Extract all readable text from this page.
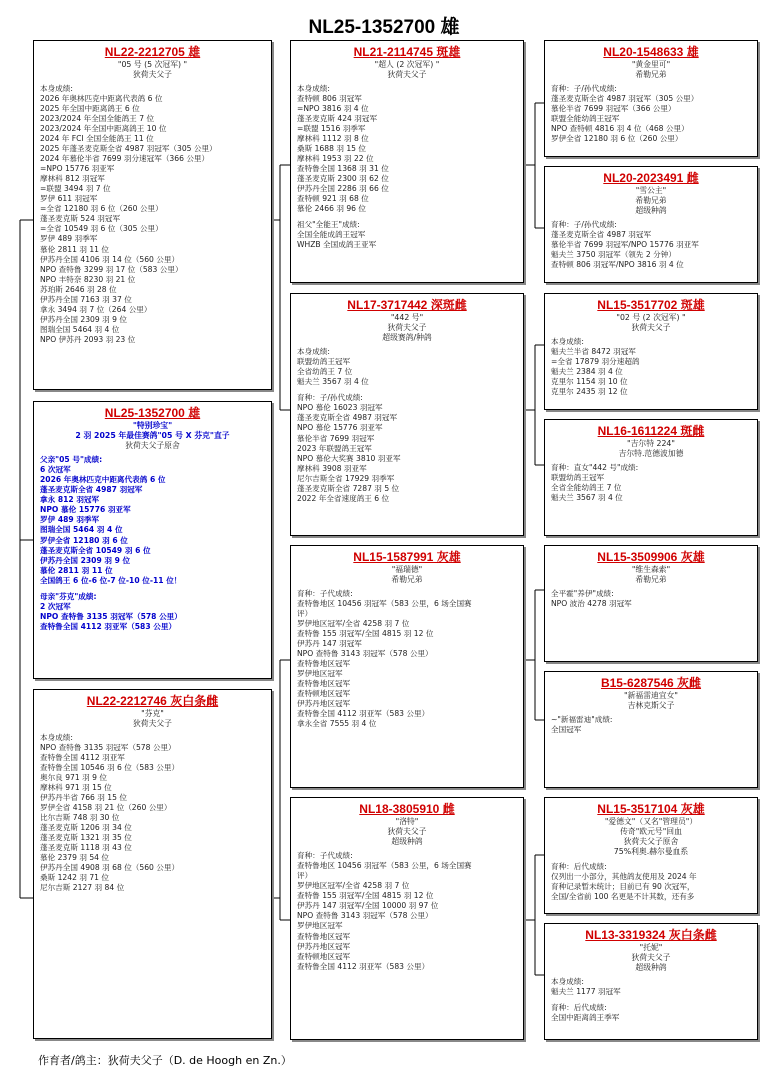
NL25-1352700 雄
NL22-2212705 雄
"05 号 (5 次冠军) "
狄荷夫父子
本身成绩:
2026 年奥林匹克中距离代表鸽 6 位
2025 年全国中距离鸽王 6 位
2023/2024 年全国全能鸽王 7 位
2023/2024 年全国中距离鸽王 10 位
2024 年 FCI 全国全能鸽王 11 位
2025 年蓬圣麦克斯全省 4987 羽冠军（305 公里）
2024 年慕伦半省 7699 羽分速冠军（366 公里）
=NPO 15776 羽亚军
摩林科 812 羽冠军
=联盟 3494 羽 7 位
罗伊 611 羽冠军
=全省 12180 羽 6 位（260 公里）
蓬圣麦克斯 524 羽冠军
=全省 10549 羽 6 位（305 公里）
罗伊 489 羽季军
慕伦 2811 羽 11 位
伊苏丹全国 4106 羽 14 位（560 公里）
NPO 查特鲁 3299 羽 17 位（583 公里）
NPO 丰特奈 8230 羽 21 位
苏珀斯 2646 羽 28 位
伊苏丹全国 7163 羽 37 位
拿永 3494 羽 7 位（264 公里）
伊苏丹全国 2309 羽 9 位
图瑞全国 5464 羽 4 位
NPO 伊苏丹 2093 羽 23 位
NL25-1352700 雄
"特别珍宝"
2 羽 2025 年最佳赛鸽"05 号 X 芬克"直子
狄荷夫父子原舍
父亲"05 号"成绩:
6 次冠军
2026 年奥林匹克中距离代表鸽 6 位
蓬圣麦克斯全省 4987 羽冠军
拿永 812 羽冠军
NPO 慕伦 15776 羽亚军
罗伊 489 羽季军
图瑞全国 5464 羽 4 位
罗伊全省 12180 羽 6 位
蓬圣麦克斯全省 10549 羽 6 位
伊苏丹全国 2309 羽 9 位
慕伦 2811 羽 11 位
全国鸽王 6 位-6 位-7 位-10 位-11 位！
母亲"芬克"成绩:
2 次冠军
NPO 查特鲁 3135 羽冠军（578 公里）
查特鲁全国 4112 羽亚军（583 公里）
NL22-2212746 灰白条雌
"芬克"
狄荷夫父子
本身成绩:
NPO 查特鲁 3135 羽冠军（578 公里）
查特鲁全国 4112 羽亚军
查特鲁全国 10546 羽 6 位（583 公里）
奥尔良 971 羽 9 位
摩林科 971 羽 15 位
伊苏丹半省 766 羽 15 位
罗伊全省 4158 羽 21 位（260 公里）
比尔吉斯 748 羽 30 位
蓬圣麦克斯 1206 羽 34 位
蓬圣麦克斯 1321 羽 35 位
蓬圣麦克斯 1118 羽 43 位
慕伦 2379 羽 54 位
伊苏丹全国 4908 羽 68 位（560 公里）
桑斯 1242 羽 71 位
尼尔吉斯 2127 羽 84 位
NL21-2114745 斑雄
"超人 (2 次冠军) "
狄荷夫父子
本身成绩:
查特顿 806 羽冠军
=NPO 3816 羽 4 位
蓬圣麦克斯 424 羽冠军
=联盟 1516 羽季军
摩林科 1112 羽 8 位
桑斯 1688 羽 15 位
摩林科 1953 羽 22 位
查特鲁全国 1368 羽 31 位
蓬圣麦克斯 2300 羽 62 位
伊苏丹全国 2286 羽 66 位
查特顿 921 羽 68 位
慕伦 2466 羽 96 位
祖父"全能王"成绩:
全国全能成鸽王冠军
WHZB 全国成鸽王亚军
NL17-3717442 深斑雌
"442 号"
狄荷夫父子
超级赛鸽/种鸽
本身成绩:
联盟幼鸽王冠军
全省幼鸽王 7 位
魁夫兰 3567 羽 4 位
育种：子/孙代成绩:
NPO 慕伦 16023 羽冠军
蓬圣麦克斯全省 4987 羽冠军
NPO 慕伦 15776 羽亚军
慕伦半省 7699 羽冠军
2023 年联盟鸽王冠军
NPO 慕伦大奖赛 3810 羽亚军
摩林科 3908 羽亚军
尼尔吉斯全省 17929 羽季军
蓬圣麦克斯全省 7287 羽 5 位
2022 年全省速度鸽王 6 位
NL15-1587991 灰雄
"福瑞德"
希勒兄弟
育种：子代成绩:
查特鲁地区 10456 羽冠军（583 公里，6 场全国赛
评）
罗伊地区冠军/全省 4258 羽 7 位
查特鲁 155 羽冠军/全国 4815 羽 12 位
伊苏丹 147 羽冠军
NPO 查特鲁 3143 羽冠军（578 公里）
查特鲁地区冠军
罗伊地区冠军
查特鲁地区冠军
查特顿地区冠军
伊苏丹地区冠军
查特鲁全国 4112 羽亚军（583 公里）
拿永全省 7555 羽 4 位
NL18-3805910 雌
"洛特"
狄荷夫父子
超级种鸽
育种：子代成绩:
查特鲁地区 10456 羽冠军（583 公里，6 场全国赛
评）
罗伊地区冠军/全省 4258 羽 7 位
查特鲁 155 羽冠军/全国 4815 羽 12 位
伊苏丹 147 羽冠军/全国 10000 羽 97 位
NPO 查特鲁 3143 羽冠军（578 公里）
罗伊地区冠军
查特鲁地区冠军
伊苏丹地区冠军
查特顿地区冠军
查特鲁全国 4112 羽亚军（583 公里）
NL20-1548633 雄
"黄金里可"
希勒兄弟
育种：子/孙代成绩:
蓬圣麦克斯全省 4987 羽冠军（305 公里）
慕伦半省 7699 羽冠军（366 公里）
联盟全能幼鸽王冠军
NPO 查特顿 4816 羽 4 位（468 公里）
罗伊全省 12180 羽 6 位（260 公里）
NL20-2023491 雌
"雪公主"
希勒兄弟
超级种鸽
育种：子/孙代成绩:
蓬圣麦克斯全省 4987 羽冠军
慕伦半省 7699 羽冠军/NPO 15776 羽亚军
魁夫兰 3750 羽冠军（领先 2 分钟）
查特顿 806 羽冠军/NPO 3816 羽 4 位
NL15-3517702 斑雄
"02 号 (2 次冠军) "
狄荷夫父子
本身成绩:
魁夫兰半省 8472 羽冠军
=全省 17879 羽分速超鸽
魁夫兰 2384 羽 4 位
克里尔 1154 羽 10 位
克里尔 2435 羽 12 位
NL16-1611224 斑雌
"吉尔特 224"
吉尔特.范德波加德
育种：直女"442 号"成绩:
联盟幼鸽王冠军
全省全能幼鸽王 7 位
魁夫兰 3567 羽 4 位
NL15-3509906 灰雄
"维生森索"
希勒兄弟
全平霍"养伊"成绩:
NPO 波治 4278 羽冠军
B15-6287546 灰雌
"新福雷迪宜女"
吉林克斯父子
~"新福雷迪"成绩:
全国冠军
NL15-3517104 灰雄
"爱德文"（又名"管理员"）
传奇"欧元号"回血
狄荷夫父子原舍
75%利奥.赫尔曼血系
育种：后代成绩:
仅列出一小部分，其他鸽友使用及 2024 年
育种记录暂未统计；目前已有 90 次冠军，
全国/全省前 100 名更是不计其数，还有多
NL13-3319324 灰白条雌
"托妮"
狄荷夫父子
超级种鸽
本身成绩:
魁夫兰 1177 羽冠军
育种：后代成绩:
全国中距离鸽王季军
作育者/鸽主：狄荷夫父子（D. de Hoogh en Zn.）
